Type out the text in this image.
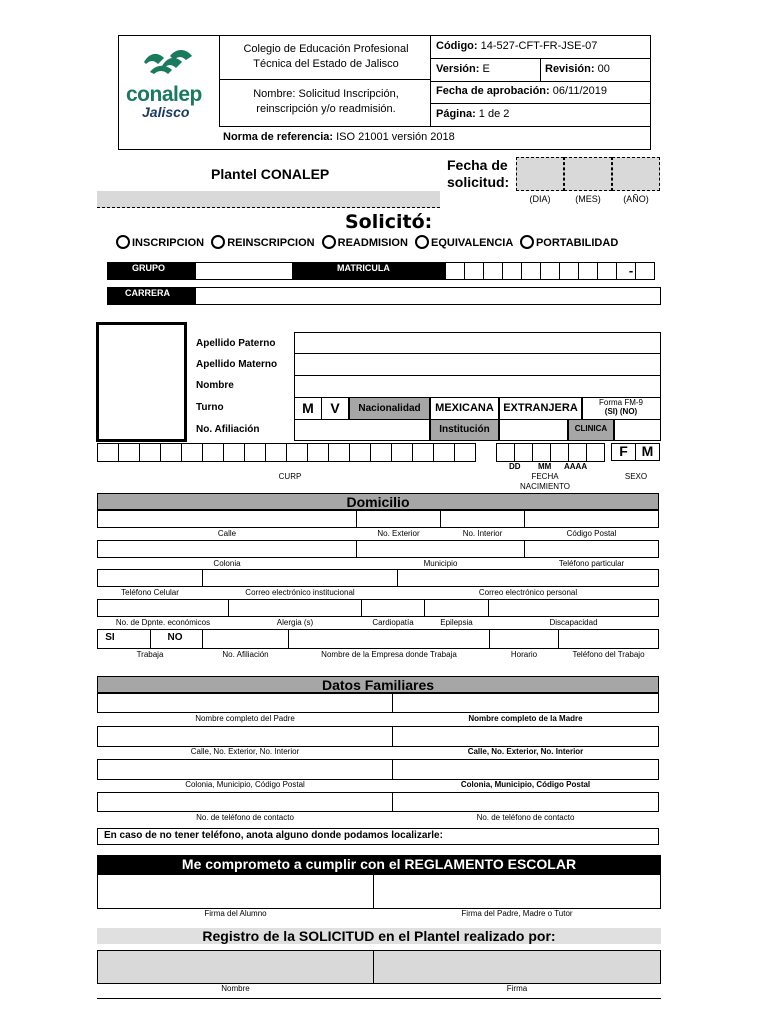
conalep
Jalisco
Colegio de Educación Profesional Técnica del Estado de Jalisco
Nombre: Solicitud Inscripción, reinscripción y/o readmisión.
Código: 14-527-CFT-FR-JSE-07
Versión: E	Revisión: 00
Fecha de aprobación: 06/11/2019
Página: 1 de 2
Norma de referencia: ISO 21001 versión 2018
Plantel CONALEP
Fecha de
solicitud:
(DIA)	(MES)	(AÑO)
Solicitó:
INSCRIPCION REINSCRIPCION READMISION EQUIVALENCIA PORTABILIDAD
GRUPO	MATRICULA	-
CARRERA
Apellido Paterno
Apellido Materno
Nombre
Turno
No. Afiliación
M	V	Nacionalidad	MEXICANA EXTRANJERA	Forma FM-9
(SI) (NO)
Institución	CLINICA
F M
DD MM AAAA
CURP	FECHA
NACIMIENTO
SEXO
Domicilio
Calle	No. Exterior	No. Interior	Código Postal
Colonia	Municipio	Teléfono particular
Teléfono Celular	Correo electrónico institucional	Correo electrónico personal
No. de Dpnte. económicos	Alergia (s)	Cardiopatía	Epilepsia	Discapacidad
SI	NO
Trabaja	No. Afiliación	Nombre de la Empresa donde Trabaja	Horario	Teléfono del Trabajo
Datos Familiares
Nombre completo del Padre	Nombre completo de la Madre
Calle, No. Exterior, No. Interior	Calle, No. Exterior, No. Interior
Colonia, Municipio, Código Postal	Colonia, Municipio, Código Postal
No. de teléfono de contacto	No. de teléfono de contacto
En caso de no tener teléfono, anota alguno donde podamos localizarle:
Me comprometo a cumplir con el REGLAMENTO ESCOLAR
Firma del Alumno	Firma del Padre, Madre o Tutor
Registro de la SOLICITUD en el Plantel realizado por:
Nombre	Firma
